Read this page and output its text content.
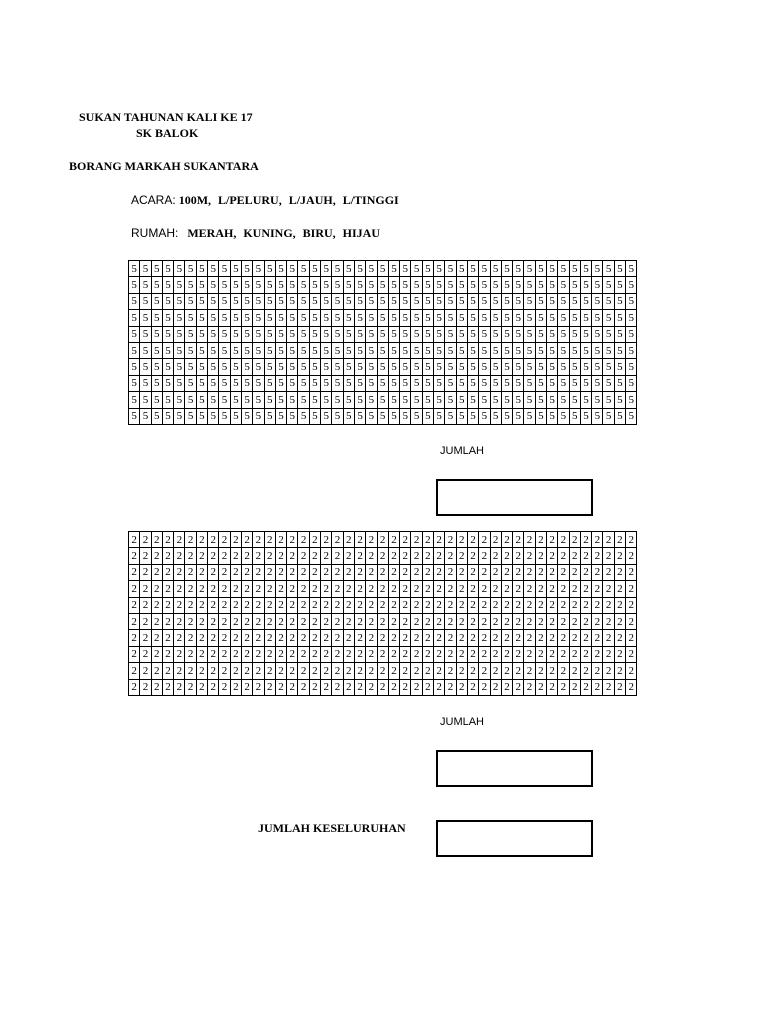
SUKAN TAHUNAN KALI KE 17
SK BALOK
BORANG MARKAH SUKANTARA
ACARA: 100M, L/PELURU, L/JAUH, L/TINGGI
RUMAH: MERAH, KUNING, BIRU, HIJAU
5	5	5	5	5	5	5	5	5	5	5	5	5	5	5	5	5	5	5	5	5	5	5	5	5	5	5	5	5	5	5	5	5	5	5	5	5	5	5	5	5	5	5	5	5
5	5	5	5	5	5	5	5	5	5	5	5	5	5	5	5	5	5	5	5	5	5	5	5	5	5	5	5	5	5	5	5	5	5	5	5	5	5	5	5	5	5	5	5	5
5	5	5	5	5	5	5	5	5	5	5	5	5	5	5	5	5	5	5	5	5	5	5	5	5	5	5	5	5	5	5	5	5	5	5	5	5	5	5	5	5	5	5	5	5
5	5	5	5	5	5	5	5	5	5	5	5	5	5	5	5	5	5	5	5	5	5	5	5	5	5	5	5	5	5	5	5	5	5	5	5	5	5	5	5	5	5	5	5	5
5	5	5	5	5	5	5	5	5	5	5	5	5	5	5	5	5	5	5	5	5	5	5	5	5	5	5	5	5	5	5	5	5	5	5	5	5	5	5	5	5	5	5	5	5
5	5	5	5	5	5	5	5	5	5	5	5	5	5	5	5	5	5	5	5	5	5	5	5	5	5	5	5	5	5	5	5	5	5	5	5	5	5	5	5	5	5	5	5	5
5	5	5	5	5	5	5	5	5	5	5	5	5	5	5	5	5	5	5	5	5	5	5	5	5	5	5	5	5	5	5	5	5	5	5	5	5	5	5	5	5	5	5	5	5
5	5	5	5	5	5	5	5	5	5	5	5	5	5	5	5	5	5	5	5	5	5	5	5	5	5	5	5	5	5	5	5	5	5	5	5	5	5	5	5	5	5	5	5	5
5	5	5	5	5	5	5	5	5	5	5	5	5	5	5	5	5	5	5	5	5	5	5	5	5	5	5	5	5	5	5	5	5	5	5	5	5	5	5	5	5	5	5	5	5
5	5	5	5	5	5	5	5	5	5	5	5	5	5	5	5	5	5	5	5	5	5	5	5	5	5	5	5	5	5	5	5	5	5	5	5	5	5	5	5	5	5	5	5	5
JUMLAH
2	2	2	2	2	2	2	2	2	2	2	2	2	2	2	2	2	2	2	2	2	2	2	2	2	2	2	2	2	2	2	2	2	2	2	2	2	2	2	2	2	2	2	2	2
2	2	2	2	2	2	2	2	2	2	2	2	2	2	2	2	2	2	2	2	2	2	2	2	2	2	2	2	2	2	2	2	2	2	2	2	2	2	2	2	2	2	2	2	2
2	2	2	2	2	2	2	2	2	2	2	2	2	2	2	2	2	2	2	2	2	2	2	2	2	2	2	2	2	2	2	2	2	2	2	2	2	2	2	2	2	2	2	2	2
2	2	2	2	2	2	2	2	2	2	2	2	2	2	2	2	2	2	2	2	2	2	2	2	2	2	2	2	2	2	2	2	2	2	2	2	2	2	2	2	2	2	2	2	2
2	2	2	2	2	2	2	2	2	2	2	2	2	2	2	2	2	2	2	2	2	2	2	2	2	2	2	2	2	2	2	2	2	2	2	2	2	2	2	2	2	2	2	2	2
2	2	2	2	2	2	2	2	2	2	2	2	2	2	2	2	2	2	2	2	2	2	2	2	2	2	2	2	2	2	2	2	2	2	2	2	2	2	2	2	2	2	2	2	2
2	2	2	2	2	2	2	2	2	2	2	2	2	2	2	2	2	2	2	2	2	2	2	2	2	2	2	2	2	2	2	2	2	2	2	2	2	2	2	2	2	2	2	2	2
2	2	2	2	2	2	2	2	2	2	2	2	2	2	2	2	2	2	2	2	2	2	2	2	2	2	2	2	2	2	2	2	2	2	2	2	2	2	2	2	2	2	2	2	2
2	2	2	2	2	2	2	2	2	2	2	2	2	2	2	2	2	2	2	2	2	2	2	2	2	2	2	2	2	2	2	2	2	2	2	2	2	2	2	2	2	2	2	2	2
2	2	2	2	2	2	2	2	2	2	2	2	2	2	2	2	2	2	2	2	2	2	2	2	2	2	2	2	2	2	2	2	2	2	2	2	2	2	2	2	2	2	2	2	2
JUMLAH
JUMLAH KESELURUHAN
